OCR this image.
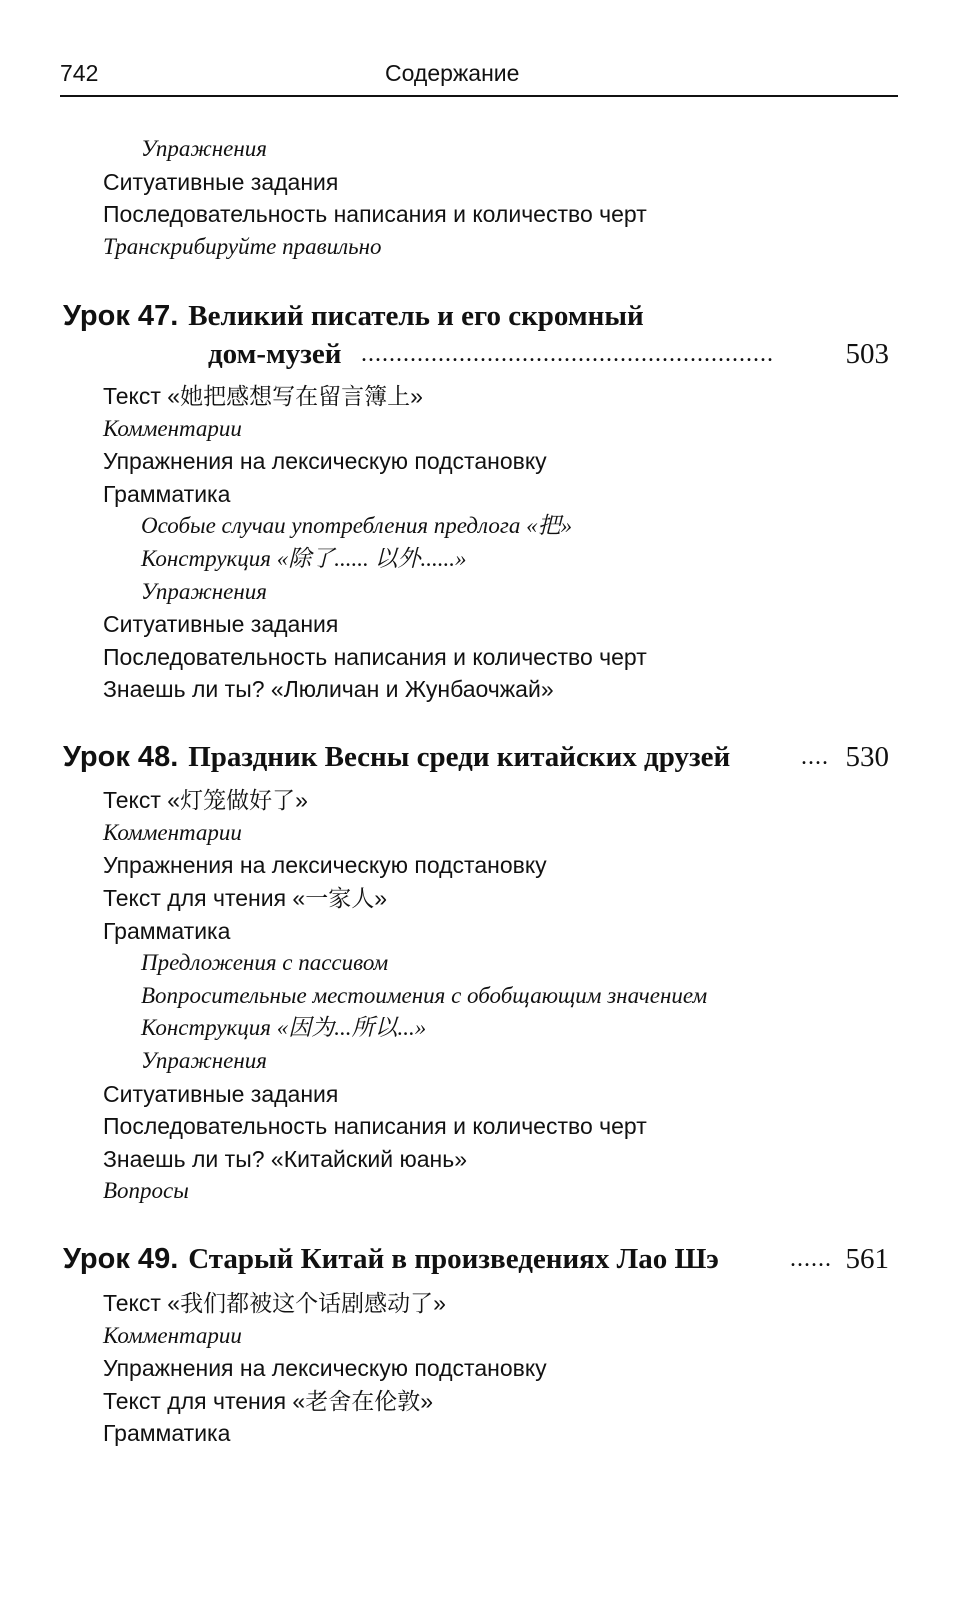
742	Содержание
Упражнения
Ситуативные задания
Последовательность написания и количество черт
Транскрибируйте правильно
Урок 47. Великий писатель и его скромный
дом-музей ...........................................................	503
Текст «她把感想写在留言簿上»
Комментарии
Упражнения на лексическую подстановку
Грамматика
Особые случаи употребления предлога «把»
Конструкция «除了...... 以外......»
Упражнения
Ситуативные задания
Последовательность написания и количество черт
Знаешь ли ты? «Люличан и Жунбаочжай»
Урок 48. Праздник Весны среди китайских друзей	.... 530
Текст «灯笼做好了»
Комментарии
Упражнения на лексическую подстановку
Текст для чтения «一家人»
Грамматика
Предложения с пассивом
Вопросительные местоимения с обобщающим значением
Конструкция «因为...所以...»
Упражнения
Ситуативные задания
Последовательность написания и количество черт
Знаешь ли ты? «Китайский юань»
Вопросы
Урок 49. Старый Китай в произведениях Лао Шэ	...... 561
Текст «我们都被这个话剧感动了»
Комментарии
Упражнения на лексическую подстановку
Текст для чтения «老舍在伦敦»
Грамматика
